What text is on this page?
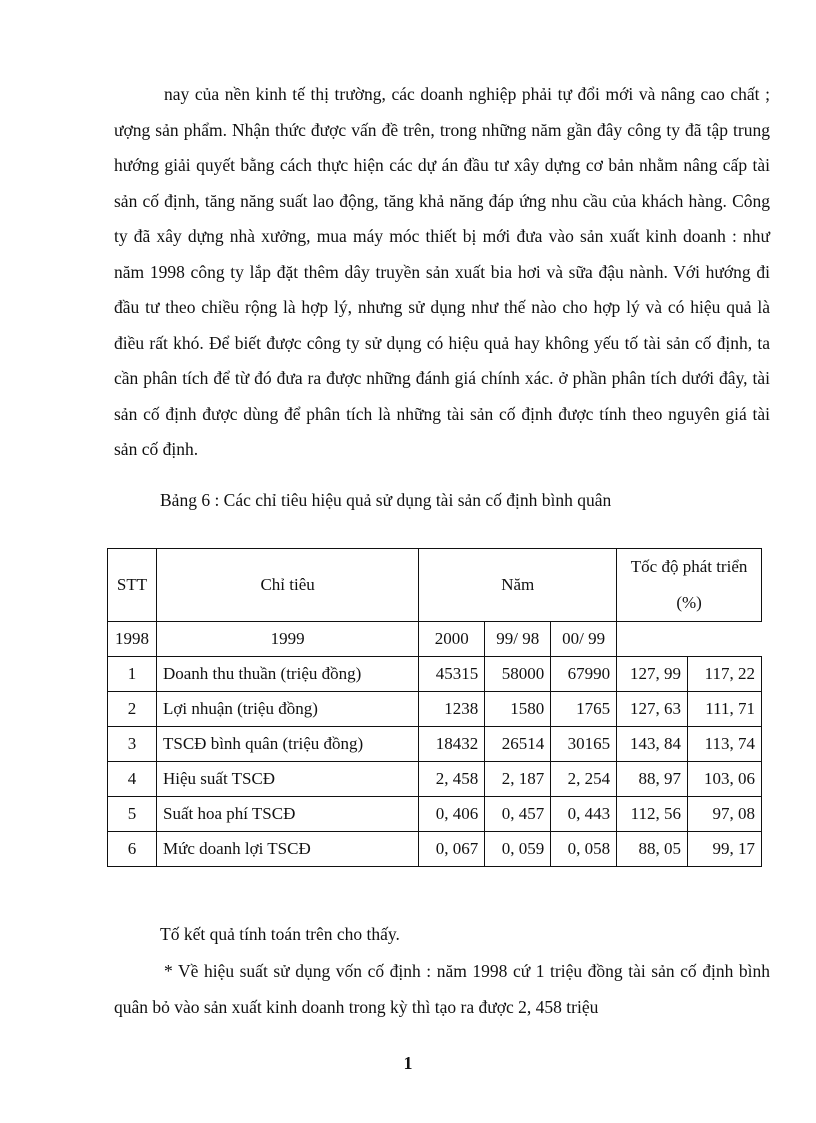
nay của nền kinh tế thị trường, các doanh nghiệp phải tự đổi mới và nâng cao chất ; ượng sản phẩm. Nhận thức được vấn đề trên, trong những năm gần đây công ty đã tập trung hướng giải quyết bằng cách thực hiện các dự án đầu tư xây dựng cơ bản nhằm nâng cấp tài sản cố định, tăng năng suất lao động, tăng khả năng đáp ứng nhu cầu của khách hàng. Công ty đã xây dựng nhà xưởng, mua máy móc thiết bị mới đưa vào sản xuất kinh doanh : như năm 1998 công ty lắp đặt thêm dây truyền sản xuất bia hơi và sữa đậu nành. Với hướng đi đầu tư theo chiều rộng là hợp lý, nhưng sử dụng như thế nào cho hợp lý và có hiệu quả là điều rất khó. Để biết được công ty sử dụng có hiệu quả hay không yếu tố tài sản cố định, ta cần phân tích để từ đó đưa ra được những đánh giá chính xác. ở phần phân tích dưới đây, tài sản cố định được dùng để phân tích là những tài sản cố định được tính theo nguyên giá tài sản cố định.

Bảng 6 : Các chỉ tiêu hiệu quả sử dụng tài sản cố định bình quân
STT	Chỉ tiêu	Năm			Tốc độ phát triển (%)	
1998	1999	2000	99/ 98	00/ 99		
1	Doanh thu thuần (triệu đồng)	45315	58000	67990	127, 99	117, 22
2	Lợi nhuận (triệu đồng)	1238	1580	1765	127, 63	111, 71
3	TSCĐ bình quân (triệu đồng)	18432	26514	30165	143, 84	113, 74
4	Hiệu suất TSCĐ	2, 458	2, 187	2, 254	88, 97	103, 06
5	Suất hoa phí TSCĐ	0, 406	0, 457	0, 443	112, 56	97, 08
6	Mức doanh lợi TSCĐ	0, 067	0, 059	0, 058	88, 05	99, 17
Tố kết quả tính toán trên cho thấy.

* Về hiệu suất sử dụng vốn cố định : năm 1998 cứ 1 triệu đồng tài sản cố định bình quân bỏ vào sản xuất kinh doanh trong kỳ thì tạo ra được 2, 458 triệu

1
